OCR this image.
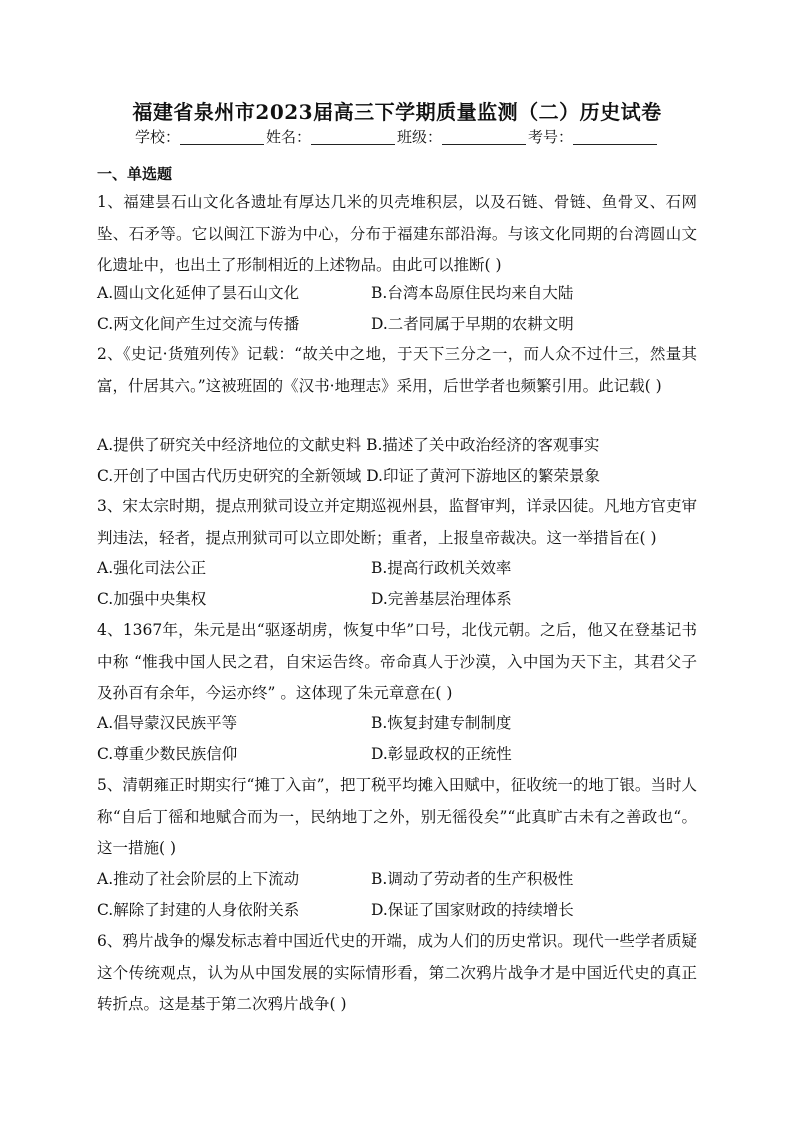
福建省泉州市2023届高三下学期质量监测（二）历史试卷
学校：	姓名：	班级：	考号：
一、单选题
1、福建昙石山文化各遗址有厚达几米的贝壳堆积层，以及石链、骨链、鱼骨叉、石网坠、石矛等。它以闽江下游为中心，分布于福建东部沿海。与该文化同期的台湾圆山文化遗址中，也出土了形制相近的上述物品。由此可以推断( )
A.圆山文化延伸了昙石山文化	B.台湾本岛原住民均来自大陆
C.两文化间产生过交流与传播	D.二者同属于早期的农耕文明
2、《史记·货殖列传》记载：“故关中之地，于天下三分之一，而人众不过什三，然量其富，什居其六。”这被班固的《汉书·地理志》采用，后世学者也频繁引用。此记载( )
A.提供了研究关中经济地位的文献史料 B.描述了关中政治经济的客观事实
C.开创了中国古代历史研究的全新领域 D.印证了黄河下游地区的繁荣景象
3、宋太宗时期，提点刑狱司设立并定期巡视州县，监督审判，详录囚徒。凡地方官吏审判违法，轻者，提点刑狱司可以立即处断；重者，上报皇帝裁决。这一举措旨在( )
A.强化司法公正	B.提高行政机关效率
C.加强中央集权	D.完善基层治理体系
4、1367年，朱元是出“驱逐胡虏，恢复中华”口号，北伐元朝。之后，他又在登基记书中称 “惟我中国人民之君，自宋运告终。帝命真人于沙漠，入中国为天下主，其君父子及孙百有余年，今运亦终” 。这体现了朱元章意在( )
A.倡导蒙汉民族平等	B.恢复封建专制制度
C.尊重少数民族信仰	D.彰显政权的正统性
5、清朝雍正时期实行“摊丁入亩”，把丁税平均摊入田赋中，征收统一的地丁银。当时人称“自后丁徭和地赋合而为一，民纳地丁之外，别无徭役矣”“此真旷古未有之善政也“。这一措施( )
A.推动了社会阶层的上下流动	B.调动了劳动者的生产积极性
C.解除了封建的人身依附关系	D.保证了国家财政的持续增长
6、鸦片战争的爆发标志着中国近代史的开端，成为人们的历史常识。现代一些学者质疑这个传统观点，认为从中国发展的实际情形看，第二次鸦片战争才是中国近代史的真正转折点。这是基于第二次鸦片战争( )
